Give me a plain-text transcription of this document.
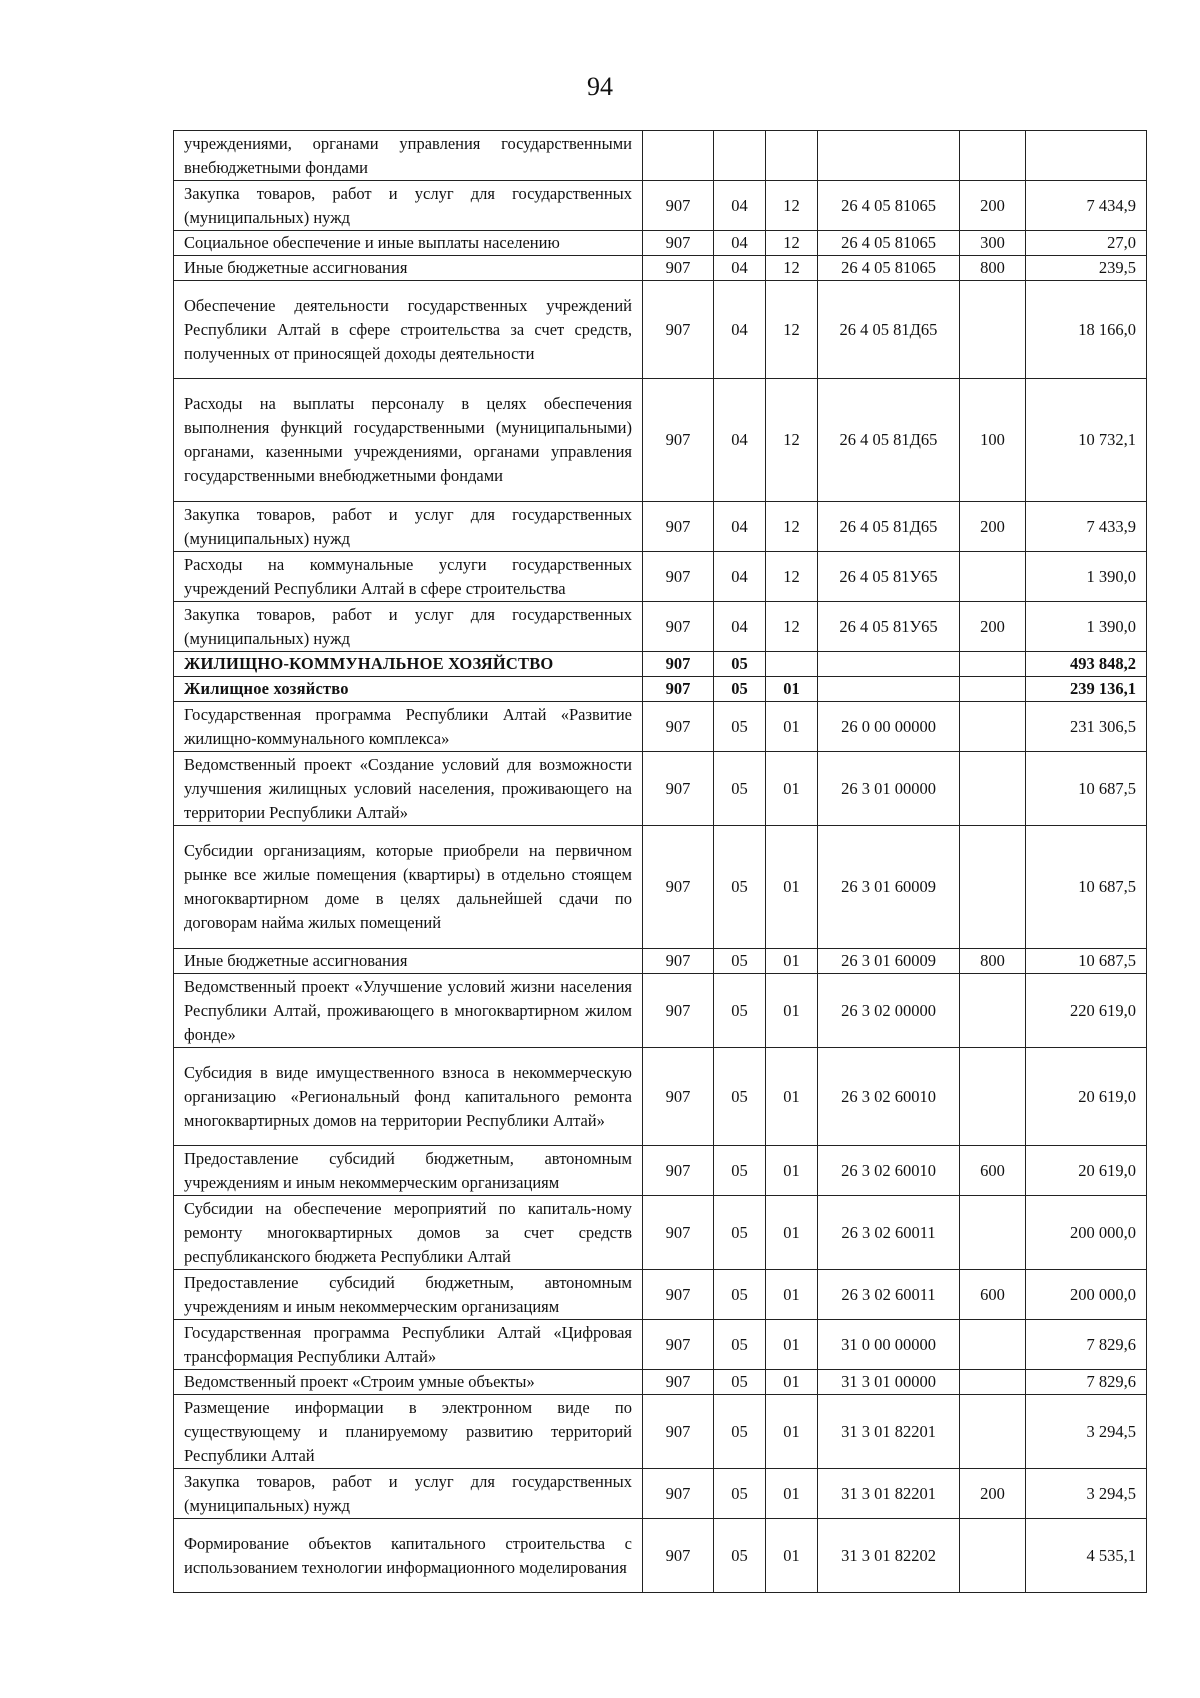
94
учреждениями, органами управления государственными внебюджетными фондами						
Закупка товаров, работ и услуг для государственных (муниципальных) нужд	907	04	12	26 4 05 81065	200	7 434,9
Социальное обеспечение и иные выплаты населению	907	04	12	26 4 05 81065	300	27,0
Иные бюджетные ассигнования	907	04	12	26 4 05 81065	800	239,5
Обеспечение деятельности государственных учреждений Республики Алтай в сфере строительства за счет средств, полученных от приносящей доходы деятельности	907	04	12	26 4 05 81Д65		18 166,0
Расходы на выплаты персоналу в целях обеспечения выполнения функций государственными (муниципальными) органами, казенными учреждениями, органами управления государственными внебюджетными фондами	907	04	12	26 4 05 81Д65	100	10 732,1
Закупка товаров, работ и услуг для государственных (муниципальных) нужд	907	04	12	26 4 05 81Д65	200	7 433,9
Расходы на коммунальные услуги государственных учреждений Республики Алтай в сфере строительства	907	04	12	26 4 05 81У65		1 390,0
Закупка товаров, работ и услуг для государственных (муниципальных) нужд	907	04	12	26 4 05 81У65	200	1 390,0
ЖИЛИЩНО-КОММУНАЛЬНОЕ ХОЗЯЙСТВО	907	05				493 848,2
Жилищное хозяйство	907	05	01			239 136,1
Государственная программа Республики Алтай «Развитие жилищно-коммунального комплекса»	907	05	01	26 0 00 00000		231 306,5
Ведомственный проект «Создание условий для возможности улучшения жилищных условий населения, проживающего на территории Республики Алтай»	907	05	01	26 3 01 00000		10 687,5
Субсидии организациям, которые приобрели на первичном рынке все жилые помещения (квартиры) в отдельно стоящем многоквартирном доме в целях дальнейшей сдачи по договорам найма жилых помещений	907	05	01	26 3 01 60009		10 687,5
Иные бюджетные ассигнования	907	05	01	26 3 01 60009	800	10 687,5
Ведомственный проект «Улучшение условий жизни населения Республики Алтай, проживающего в многоквартирном жилом фонде»	907	05	01	26 3 02 00000		220 619,0
Субсидия в виде имущественного взноса в некоммерческую организацию «Региональный фонд капитального ремонта многоквартирных домов на территории Республики Алтай»	907	05	01	26 3 02 60010		20 619,0
Предоставление субсидий бюджетным, автономным учреждениям и иным некоммерческим организациям	907	05	01	26 3 02 60010	600	20 619,0
Субсидии на обеспечение мероприятий по капиталь-ному ремонту многоквартирных домов за счет средств республиканского бюджета Республики Алтай	907	05	01	26 3 02 60011		200 000,0
Предоставление субсидий бюджетным, автономным учреждениям и иным некоммерческим организациям	907	05	01	26 3 02 60011	600	200 000,0
Государственная программа Республики Алтай «Цифровая трансформация Республики Алтай»	907	05	01	31 0 00 00000		7 829,6
Ведомственный проект «Строим умные объекты»	907	05	01	31 3 01 00000		7 829,6
Размещение информации в электронном виде по существующему и планируемому развитию территорий Республики Алтай	907	05	01	31 3 01 82201		3 294,5
Закупка товаров, работ и услуг для государственных (муниципальных) нужд	907	05	01	31 3 01 82201	200	3 294,5
Формирование объектов капитального строительства с использованием технологии информационного моделирования	907	05	01	31 3 01 82202		4 535,1
